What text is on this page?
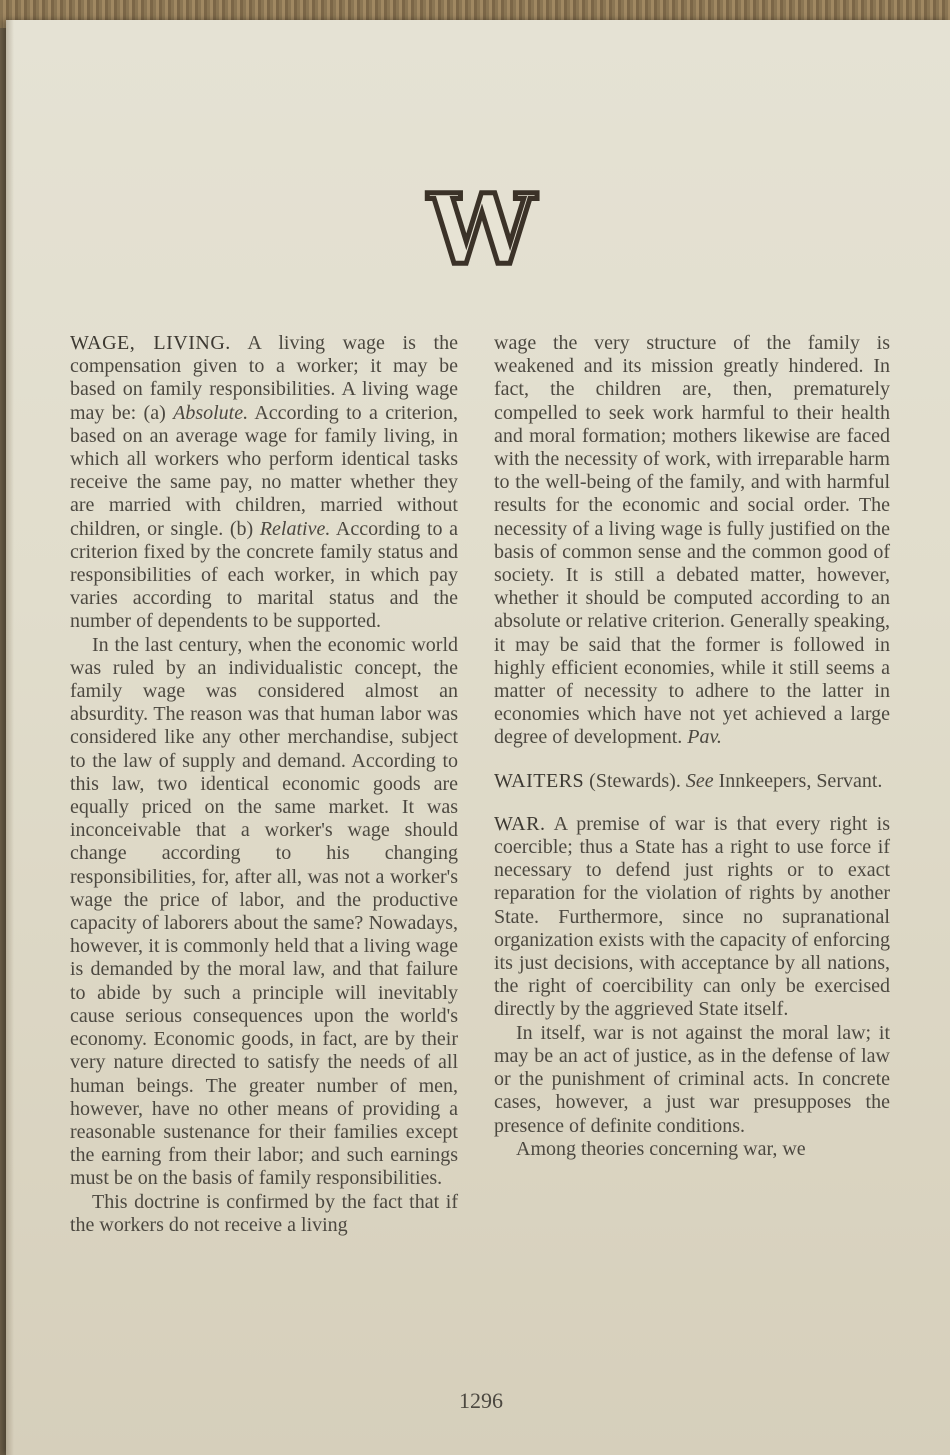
W

WAGE, LIVING. A living wage is the compensation given to a worker; it may be based on family responsibilities. A living wage may be: (a) Absolute. According to a criterion, based on an average wage for family living, in which all workers who perform identical tasks receive the same pay, no matter whether they are married with children, married without children, or single. (b) Relative. According to a criterion fixed by the concrete family status and responsibilities of each worker, in which pay varies according to marital status and the number of dependents to be supported.

In the last century, when the economic world was ruled by an individualistic concept, the family wage was considered almost an absurdity. The reason was that human labor was considered like any other merchandise, subject to the law of supply and demand. According to this law, two identical economic goods are equally priced on the same market. It was inconceivable that a worker's wage should change according to his changing responsibilities, for, after all, was not a worker's wage the price of labor, and the productive capacity of laborers about the same? Nowadays, however, it is commonly held that a living wage is demanded by the moral law, and that failure to abide by such a principle will inevitably cause serious consequences upon the world's economy. Economic goods, in fact, are by their very nature directed to satisfy the needs of all human beings. The greater number of men, however, have no other means of providing a reasonable sustenance for their families except the earning from their labor; and such earnings must be on the basis of family responsibilities.

This doctrine is confirmed by the fact that if the workers do not receive a living

wage the very structure of the family is weakened and its mission greatly hindered. In fact, the children are, then, prematurely compelled to seek work harmful to their health and moral formation; mothers likewise are faced with the necessity of work, with irreparable harm to the well-being of the family, and with harmful results for the economic and social order. The necessity of a living wage is fully justified on the basis of common sense and the common good of society. It is still a debated matter, however, whether it should be computed according to an absolute or relative criterion. Generally speaking, it may be said that the former is followed in highly efficient economies, while it still seems a matter of necessity to adhere to the latter in economies which have not yet achieved a large degree of development. Pav.

WAITERS (Stewards). See Innkeepers, Servant.

WAR. A premise of war is that every right is coercible; thus a State has a right to use force if necessary to defend just rights or to exact reparation for the violation of rights by another State. Furthermore, since no supranational organization exists with the capacity of enforcing its just decisions, with acceptance by all nations, the right of coercibility can only be exercised directly by the aggrieved State itself.

In itself, war is not against the moral law; it may be an act of justice, as in the defense of law or the punishment of criminal acts. In concrete cases, however, a just war presupposes the presence of definite conditions.

Among theories concerning war, we

1296
